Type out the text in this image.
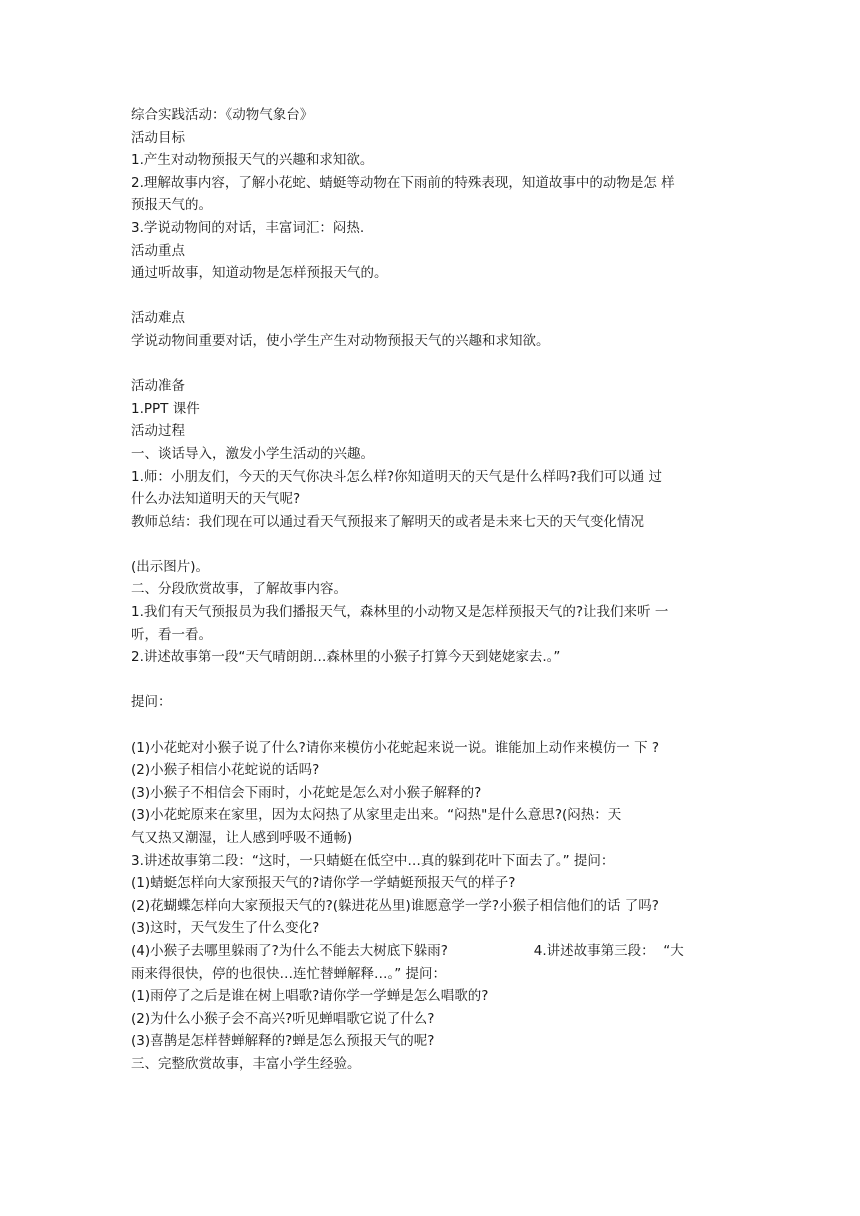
综合实践活动：《动物气象台》
活动目标
1.产生对动物预报天气的兴趣和求知欲。
2.理解故事内容，了解小花蛇、蜻蜓等动物在下雨前的特殊表现，知道故事中的动物是怎 样
预报天气的。
3.学说动物间的对话，丰富词汇：闷热.
活动重点
通过听故事，知道动物是怎样预报天气的。
活动难点
学说动物间重要对话，使小学生产生对动物预报天气的兴趣和求知欲。
活动准备
1.PPT 课件
活动过程
一、谈话导入，激发小学生活动的兴趣。
1.师：小朋友们，今天的天气你决斗怎么样?你知道明天的天气是什么样吗?我们可以通 过
什么办法知道明天的天气呢?
教师总结：我们现在可以通过看天气预报来了解明天的或者是未来七天的天气变化情况
(出示图片)。
二、分段欣赏故事，了解故事内容。
1.我们有天气预报员为我们播报天气，森林里的小动物又是怎样预报天气的?让我们来听 一
听，看一看。
2.讲述故事第一段“天气晴朗朗…森林里的小猴子打算今天到姥姥家去.。”
提问：
(1)小花蛇对小猴子说了什么?请你来模仿小花蛇起来说一说。谁能加上动作来模仿一 下 ?
(2)小猴子相信小花蛇说的话吗?
(3)小猴子不相信会下雨时，小花蛇是怎么对小猴子解释的?
(3)小花蛇原来在家里，因为太闷热了从家里走出来。“闷热"是什么意思?(闷热：天
气又热又潮湿，让人感到呼吸不通畅)
3.讲述故事第二段：“这时，一只蜻蜓在低空中…真的躲到花叶下面去了。” 提问：
(1)蜻蜓怎样向大家预报天气的?请你学一学蜻蜓预报天气的样子?
(2)花蝴蝶怎样向大家预报天气的?(躲进花丛里)谁愿意学一学?小猴子相信他们的话 了吗?
(3)这时，天气发生了什么变化?
(4)小猴子去哪里躲雨了?为什么不能去大树底下躲雨?                    4.讲述故事第三段：  “大
雨来得很快，停的也很快…连忙替蝉解释…。” 提问：
(1)雨停了之后是谁在树上唱歌?请你学一学蝉是怎么唱歌的?
(2)为什么小猴子会不高兴?听见蝉唱歌它说了什么?
(3)喜鹊是怎样替蝉解释的?蝉是怎么预报天气的呢?
三、完整欣赏故事，丰富小学生经验。
